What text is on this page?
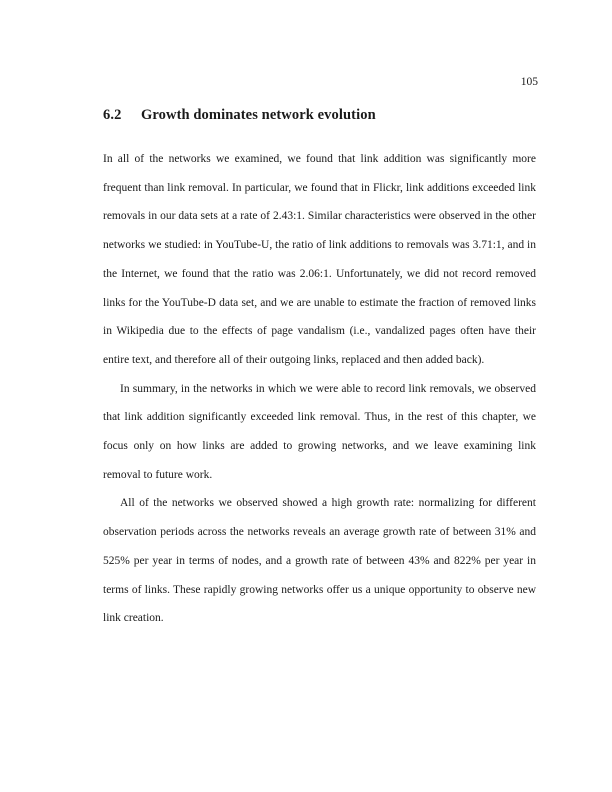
105
6.2 Growth dominates network evolution

In all of the networks we examined, we found that link addition was significantly more frequent than link removal. In particular, we found that in Flickr, link additions exceeded link removals in our data sets at a rate of 2.43:1. Similar characteristics were observed in the other networks we studied: in YouTube-U, the ratio of link additions to removals was 3.71:1, and in the Internet, we found that the ratio was 2.06:1. Unfortunately, we did not record removed links for the YouTube-D data set, and we are unable to estimate the fraction of removed links in Wikipedia due to the effects of page vandalism (i.e., vandalized pages often have their entire text, and therefore all of their outgoing links, replaced and then added back).

In summary, in the networks in which we were able to record link removals, we observed that link addition significantly exceeded link removal. Thus, in the rest of this chapter, we focus only on how links are added to growing networks, and we leave examining link removal to future work.

All of the networks we observed showed a high growth rate: normalizing for different observation periods across the networks reveals an average growth rate of between 31% and 525% per year in terms of nodes, and a growth rate of between 43% and 822% per year in terms of links. These rapidly growing networks offer us a unique opportunity to observe new link creation.
